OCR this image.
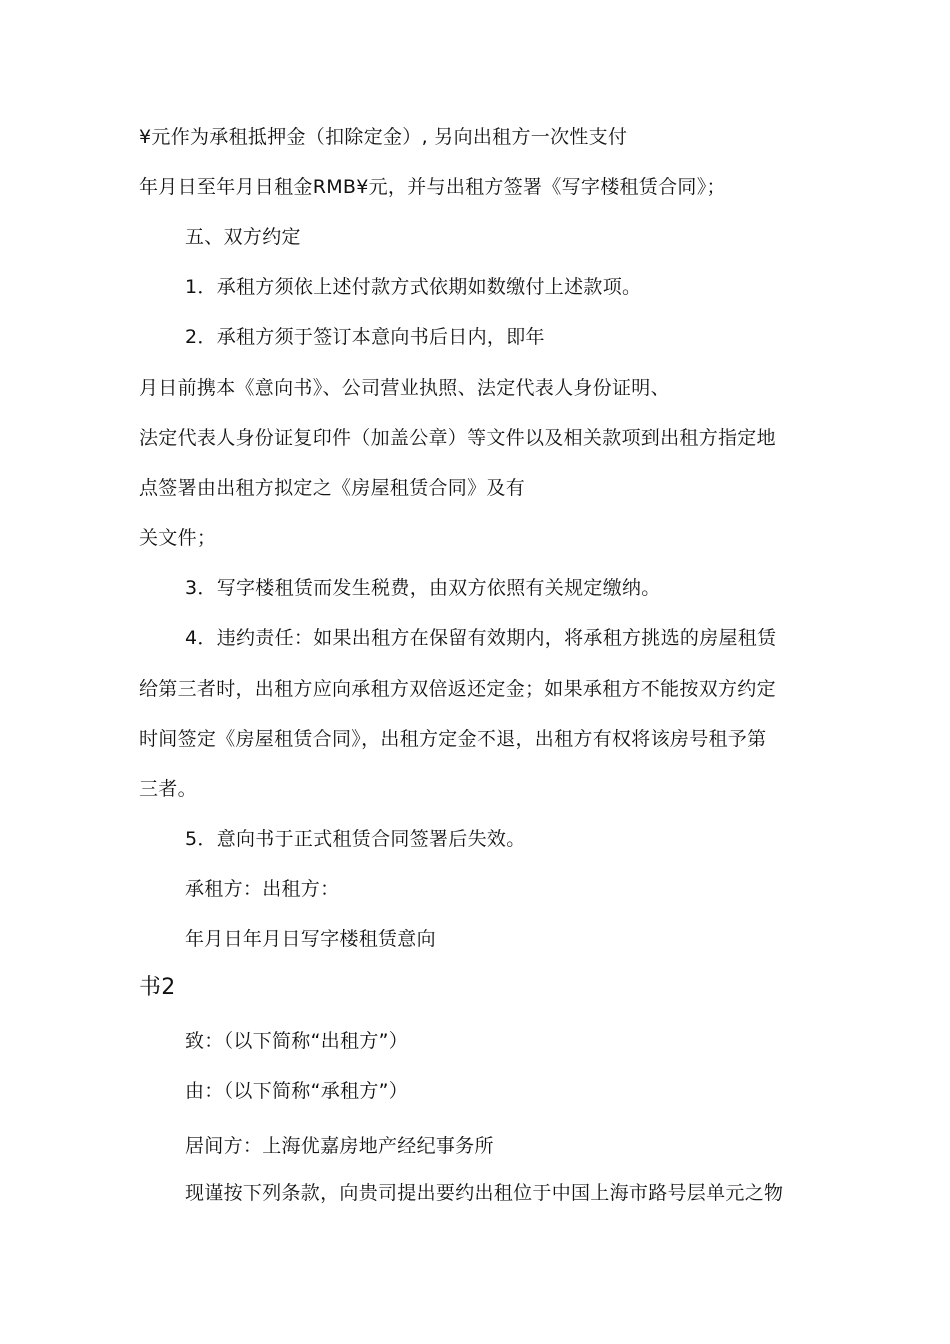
¥元作为承租抵押金（扣除定金）, 另向出租方一次性支付
年月日至年月日租金RMB¥元，并与出租方签署《写字楼租赁合同》；
五、双方约定
1．承租方须依上述付款方式依期如数缴付上述款项。
2．承租方须于签订本意向书后日内，即年
月日前携本《意向书》、公司营业执照、法定代表人身份证明、
法定代表人身份证复印件（加盖公章）等文件以及相关款项到出租方指定地
点签署由出租方拟定之《房屋租赁合同》及有
关文件；
3．写字楼租赁而发生税费，由双方依照有关规定缴纳。
4．违约责任：如果出租方在保留有效期内，将承租方挑选的房屋租赁
给第三者时，出租方应向承租方双倍返还定金；如果承租方不能按双方约定
时间签定《房屋租赁合同》，出租方定金不退，出租方有权将该房号租予第
三者。
5．意向书于正式租赁合同签署后失效。
承租方：出租方：
年月日年月日写字楼租赁意向
书2
致：（以下简称“出租方”）
由：（以下简称“承租方”）
居间方：上海优嘉房地产经纪事务所
现谨按下列条款，向贵司提出要约出租位于中国上海市路号层单元之物
